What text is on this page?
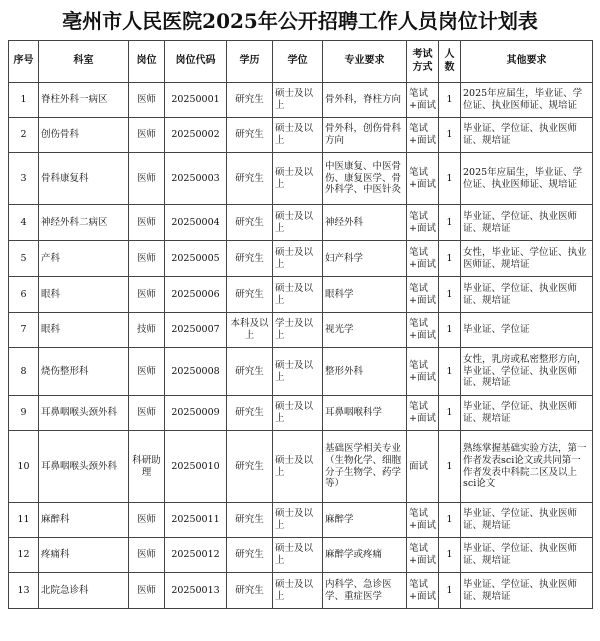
亳州市人民医院2025年公开招聘工作人员岗位计划表
序号	科室	岗位	岗位代码	学历	学位	专业要求	考试方式	人数	其他要求
1	脊柱外科一病区	医师	20250001	研究生	硕士及以上	骨外科，脊柱方向	笔试+面试	1	2025年应届生，毕业证、学位证、执业医师证、规培证
2	创伤骨科	医师	20250002	研究生	硕士及以上	骨外科，创伤骨科方向	笔试+面试	1	毕业证、学位证、执业医师证、规培证
3	骨科康复科	医师	20250003	研究生	硕士及以上	中医康复、中医骨伤、康复医学、骨外科学、中医针灸	笔试+面试	1	2025年应届生，毕业证、学位证、执业医师证、规培证
4	神经外科二病区	医师	20250004	研究生	硕士及以上	神经外科	笔试+面试	1	毕业证、学位证、执业医师证、规培证
5	产科	医师	20250005	研究生	硕士及以上	妇产科学	笔试+面试	1	女性，毕业证、学位证、执业医师证、规培证
6	眼科	医师	20250006	研究生	硕士及以上	眼科学	笔试+面试	1	毕业证、学位证、执业医师证、规培证
7	眼科	技师	20250007	本科及以上	学士及以上	视光学	笔试+面试	1	毕业证、学位证
8	烧伤整形科	医师	20250008	研究生	硕士及以上	整形外科	笔试+面试	1	女性，乳房或私密整形方向，毕业证、学位证、执业医师证、规培证
9	耳鼻咽喉头颈外科	医师	20250009	研究生	硕士及以上	耳鼻咽喉科学	笔试+面试	1	毕业证、学位证、执业医师证、规培证
10	耳鼻咽喉头颈外科	科研助理	20250010	研究生	硕士及以上	基础医学相关专业（生物化学、细胞分子生物学、药学等）	面试	1	熟练掌握基础实验方法，第一作者发表sci论文或共同第一作者发表中科院二区及以上sci论文
11	麻醉科	医师	20250011	研究生	硕士及以上	麻醉学	笔试+面试	1	毕业证、学位证、执业医师证、规培证
12	疼痛科	医师	20250012	研究生	硕士及以上	麻醉学或疼痛	笔试+面试	1	毕业证、学位证、执业医师证、规培证
13	北院急诊科	医师	20250013	研究生	硕士及以上	内科学、急诊医学、重症医学	笔试+面试	1	毕业证、学位证、执业医师证、规培证
